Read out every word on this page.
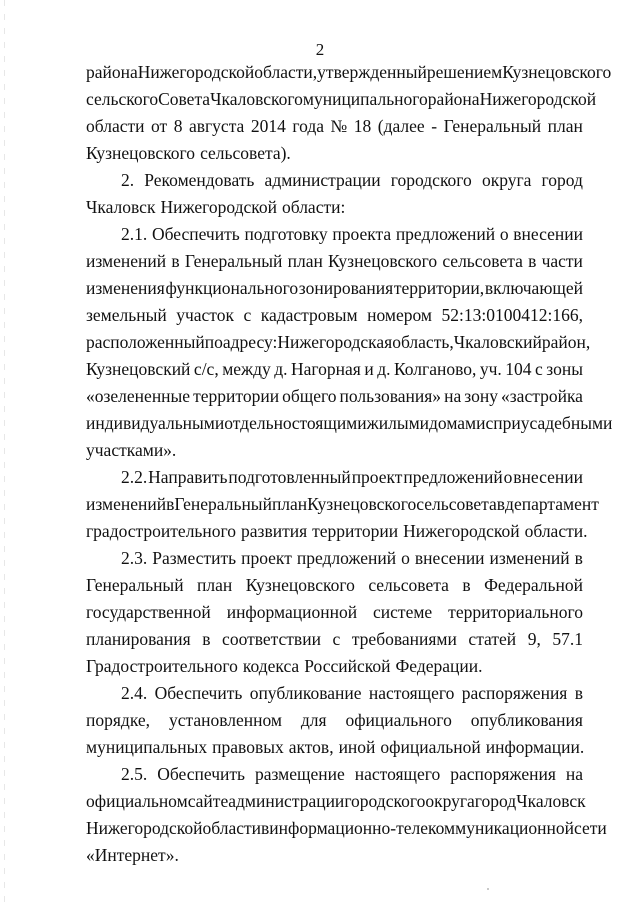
2
района Нижегородской области, утвержденный решением Кузнецовского
сельского Совета Чкаловского муниципального района Нижегородской
области от 8 августа 2014 года № 18 (далее - Генеральный план
Кузнецовского сельсовета).
2. Рекомендовать администрации городского округа город
Чкаловск Нижегородской области:
2.1. Обеспечить подготовку проекта предложений о внесении
изменений в Генеральный план Кузнецовского сельсовета в части
изменения функционального зонирования территории, включающей
земельный участок с кадастровым номером 52:13:0100412:166,
расположенный по адресу: Нижегородская область, Чкаловский район,
Кузнецовский с/с, между д. Нагорная и д. Колганово, уч. 104 с зоны
«озелененные территории общего пользования» на зону «застройка
индивидуальными отдельно стоящими жилыми домами с приусадебными
участками».
2.2. Направить подготовленный проект предложений о внесении
изменений в Генеральный план Кузнецовского сельсовета в департамент
градостроительного развития территории Нижегородской области.
2.3. Разместить проект предложений о внесении изменений в
Генеральный план Кузнецовского сельсовета в Федеральной
государственной информационной системе территориального
планирования в соответствии с требованиями статей 9, 57.1
Градостроительного кодекса Российской Федерации.
2.4. Обеспечить опубликование настоящего распоряжения в
порядке, установленном для официального опубликования
муниципальных правовых актов, иной официальной информации.
2.5. Обеспечить размещение настоящего распоряжения на
официальном сайте администрации городского округа город Чкаловск
Нижегородской области в информационно-телекоммуникационной сети
«Интернет».
